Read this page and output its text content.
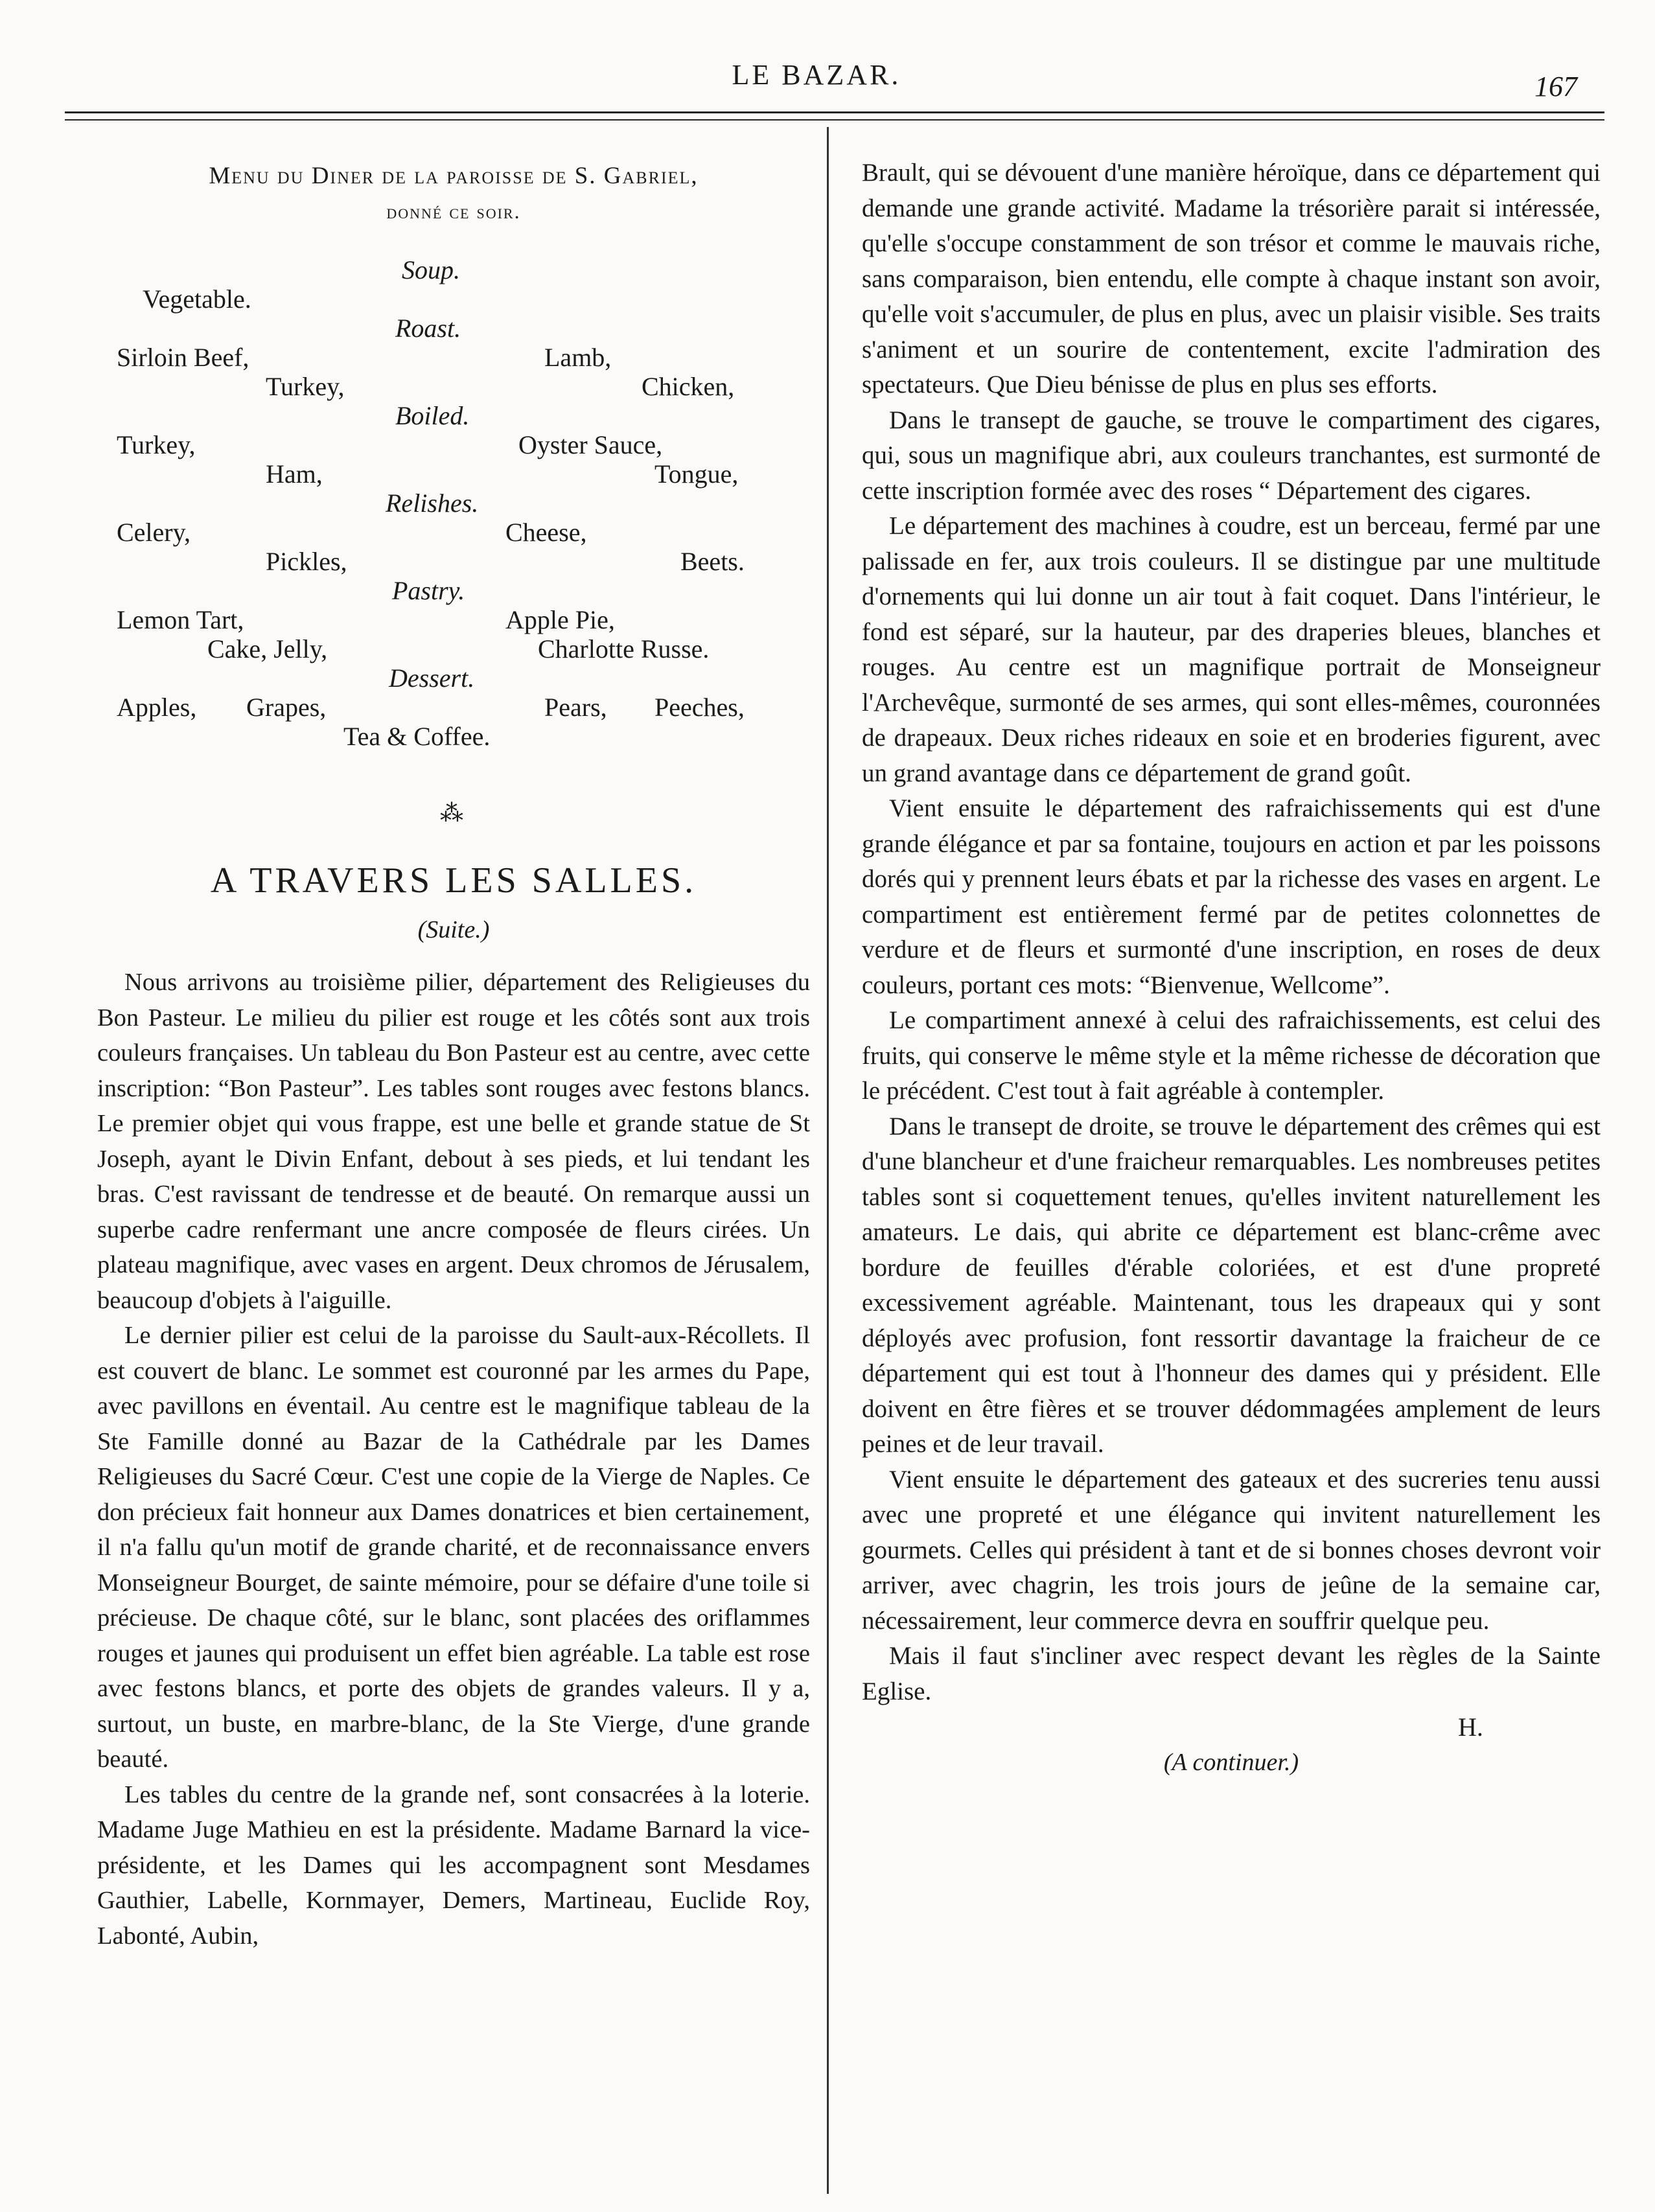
LE BAZAR.	167
Menu du Diner de la paroisse de S. Gabriel,
donné ce soir.
Soup.
Vegetable.
Roast.
Sirloin Beef,	Lamb,
Turkey,	Chicken,
Boiled.
Turkey,	Oyster Sauce,
Ham,	Tongue,
Relishes.
Celery,	Cheese,
Pickles,	Beets.
Pastry.
Lemon Tart,	Apple Pie,
Cake, Jelly,	Charlotte Russe.
Dessert.
Apples, Grapes,	Pears, Peeches,
Tea & Coffee.
⁂
A TRAVERS LES SALLES.
(Suite.)

Nous arrivons au troisième pilier, département des Religieuses du Bon Pasteur. Le milieu du pilier est rouge et les côtés sont aux trois couleurs françaises. Un tableau du Bon Pasteur est au centre, avec cette inscription: “Bon Pasteur”. Les tables sont rouges avec festons blancs. Le premier objet qui vous frappe, est une belle et grande statue de St Joseph, ayant le Divin Enfant, debout à ses pieds, et lui tendant les bras. C'est ravissant de tendresse et de beauté. On remarque aussi un superbe cadre renfermant une ancre composée de fleurs cirées. Un plateau magnifique, avec vases en argent. Deux chromos de Jérusalem, beaucoup d'objets à l'aiguille.

Le dernier pilier est celui de la paroisse du Sault-aux-Récollets. Il est couvert de blanc. Le sommet est couronné par les armes du Pape, avec pavillons en éventail. Au centre est le magnifique tableau de la Ste Famille donné au Bazar de la Cathédrale par les Dames Religieuses du Sacré Cœur. C'est une copie de la Vierge de Naples. Ce don précieux fait honneur aux Dames donatrices et bien certainement, il n'a fallu qu'un motif de grande charité, et de reconnaissance envers Monseigneur Bourget, de sainte mémoire, pour se défaire d'une toile si précieuse. De chaque côté, sur le blanc, sont placées des oriflammes rouges et jaunes qui produisent un effet bien agréable. La table est rose avec festons blancs, et porte des objets de grandes valeurs. Il y a, surtout, un buste, en marbre-blanc, de la Ste Vierge, d'une grande beauté.

Les tables du centre de la grande nef, sont consacrées à la loterie. Madame Juge Mathieu en est la présidente. Madame Barnard la vice-présidente, et les Dames qui les accompagnent sont Mesdames Gauthier, Labelle, Kornmayer, Demers, Martineau, Euclide Roy, Labonté, Aubin,

Brault, qui se dévouent d'une manière héroïque, dans ce département qui demande une grande activité. Madame la trésorière parait si intéressée, qu'elle s'occupe constamment de son trésor et comme le mauvais riche, sans comparaison, bien entendu, elle compte à chaque instant son avoir, qu'elle voit s'accumuler, de plus en plus, avec un plaisir visible. Ses traits s'animent et un sourire de contentement, excite l'admiration des spectateurs. Que Dieu bénisse de plus en plus ses efforts.

Dans le transept de gauche, se trouve le compartiment des cigares, qui, sous un magnifique abri, aux couleurs tranchantes, est surmonté de cette inscription formée avec des roses “ Département des cigares.

Le département des machines à coudre, est un berceau, fermé par une palissade en fer, aux trois couleurs. Il se distingue par une multitude d'ornements qui lui donne un air tout à fait coquet. Dans l'intérieur, le fond est séparé, sur la hauteur, par des draperies bleues, blanches et rouges. Au centre est un magnifique portrait de Monseigneur l'Archevêque, surmonté de ses armes, qui sont elles-mêmes, couronnées de drapeaux. Deux riches rideaux en soie et en broderies figurent, avec un grand avantage dans ce département de grand goût.

Vient ensuite le département des rafraichissements qui est d'une grande élégance et par sa fontaine, toujours en action et par les poissons dorés qui y prennent leurs ébats et par la richesse des vases en argent. Le compartiment est entièrement fermé par de petites colonnettes de verdure et de fleurs et surmonté d'une inscription, en roses de deux couleurs, portant ces mots: “Bienvenue, Wellcome”.

Le compartiment annexé à celui des rafraichissements, est celui des fruits, qui conserve le même style et la même richesse de décoration que le précédent. C'est tout à fait agréable à contempler.

Dans le transept de droite, se trouve le département des crêmes qui est d'une blancheur et d'une fraicheur remarquables. Les nombreuses petites tables sont si coquettement tenues, qu'elles invitent naturellement les amateurs. Le dais, qui abrite ce département est blanc-crême avec bordure de feuilles d'érable coloriées, et est d'une propreté excessivement agréable. Maintenant, tous les drapeaux qui y sont déployés avec profusion, font ressortir davantage la fraicheur de ce département qui est tout à l'honneur des dames qui y président. Elle doivent en être fières et se trouver dédommagées amplement de leurs peines et de leur travail.

Vient ensuite le département des gateaux et des sucreries tenu aussi avec une propreté et une élégance qui invitent naturellement les gourmets. Celles qui président à tant et de si bonnes choses devront voir arriver, avec chagrin, les trois jours de jeûne de la semaine car, nécessairement, leur commerce devra en souffrir quelque peu.

Mais il faut s'incliner avec respect devant les règles de la Sainte Eglise.

H.
(A continuer.)
